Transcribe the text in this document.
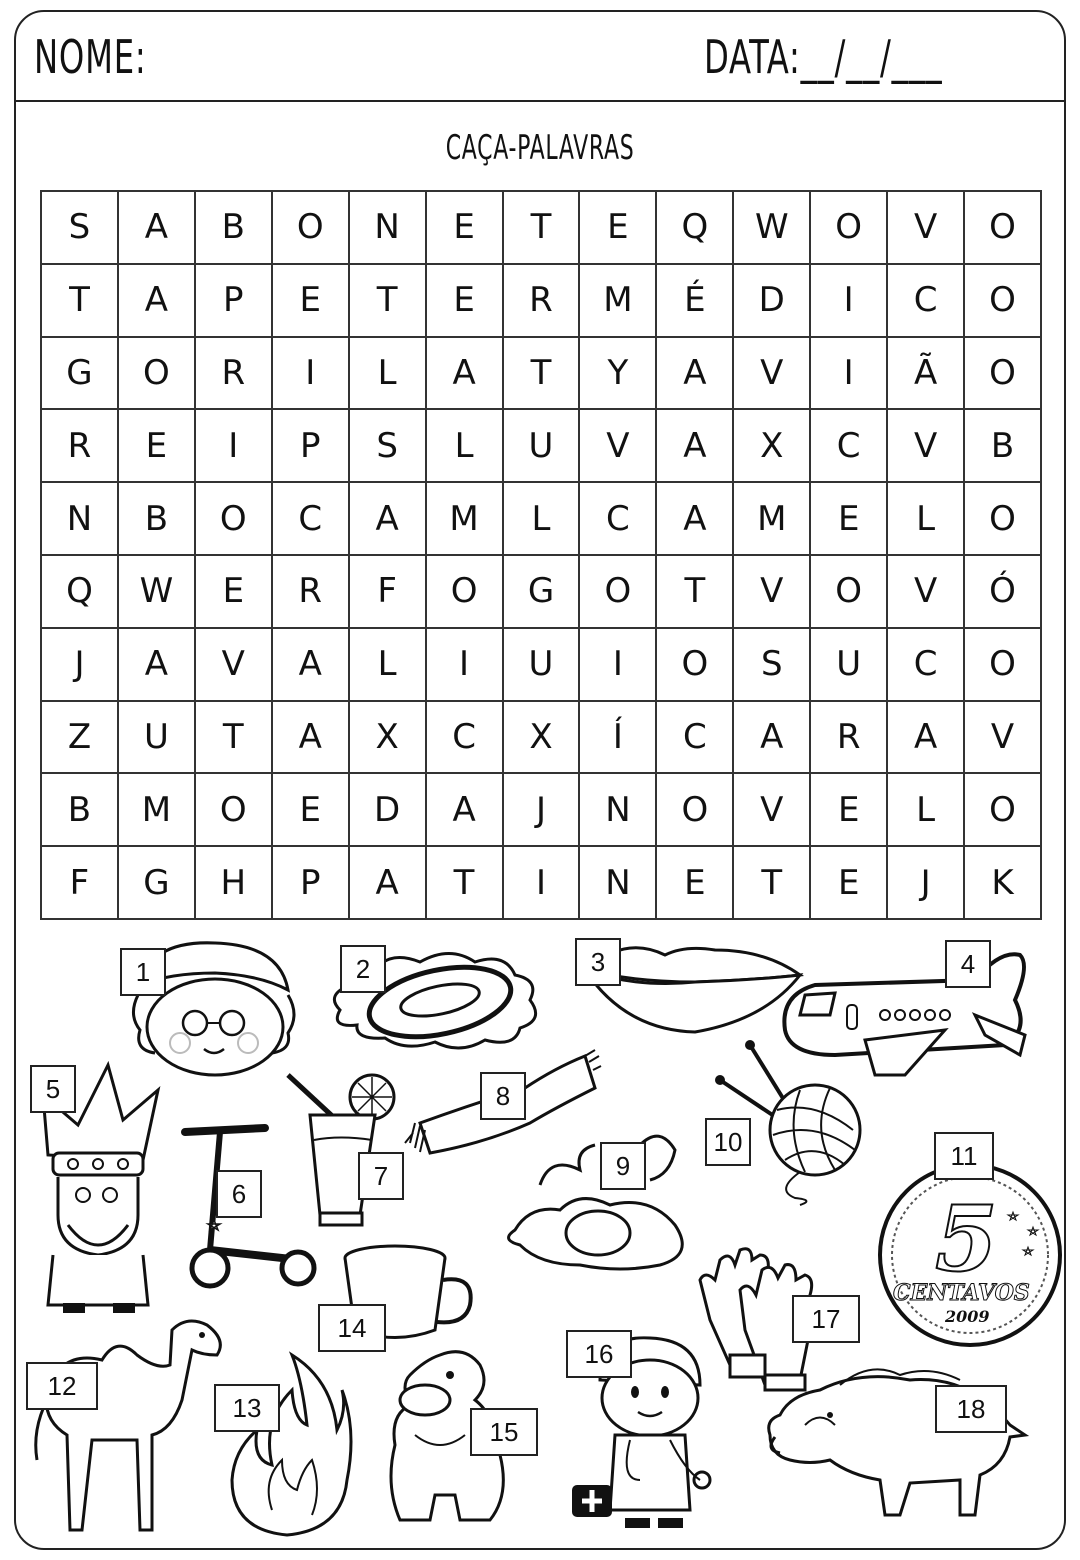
NOME:	DATA:__/__/___
CAÇA-PALAVRAS
S	A	B	O	N	E	T	E	Q	W	O	V	O
T	A	P	E	T	E	R	M	É	D	I	C	O
G	O	R	I	L	A	T	Y	A	V	I	Ã	O
R	E	I	P	S	L	U	V	A	X	C	V	B
N	B	O	C	A	M	L	C	A	M	E	L	O
Q	W	E	R	F	O	G	O	T	V	O	V	Ó
J	A	V	A	L	I	U	I	O	S	U	C	O
Z	U	T	A	X	C	X	Í	C	A	R	A	V
B	M	O	E	D	A	J	N	O	V	E	L	O
F	G	H	P	A	T	I	N	E	T	E	J	K
1	2	3	4
5
6
7
8
9
10
5
CENTAVOS
2009
11
12
13
14
15
16
17
18
